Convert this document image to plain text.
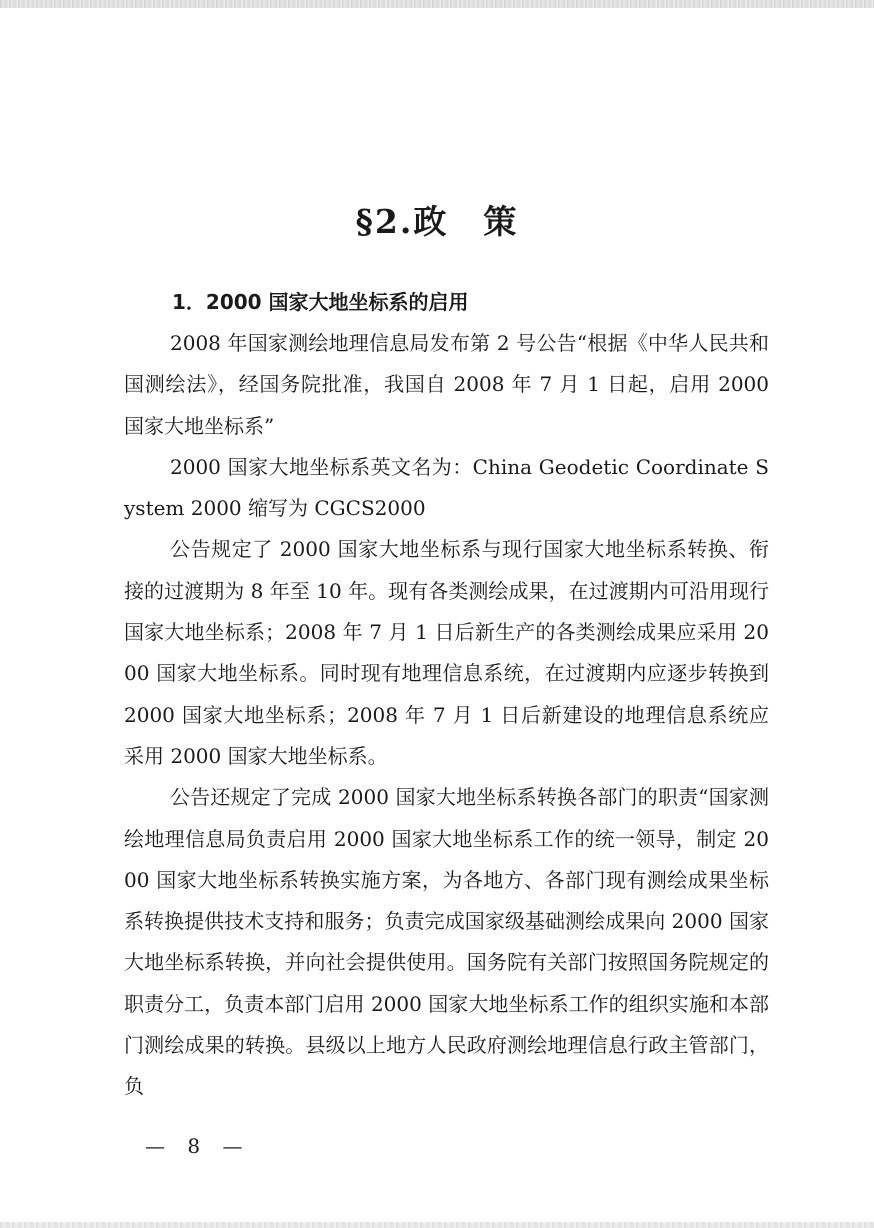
§2.政　策

1．2000 国家大地坐标系的启用

2008 年国家测绘地理信息局发布第 2 号公告“根据《中华人民共和国测绘法》，经国务院批准，我国自 2008 年 7 月 1 日起，启用 2000 国家大地坐标系”

2000 国家大地坐标系英文名为：China Geodetic Coordinate System 2000 缩写为 CGCS2000

公告规定了 2000 国家大地坐标系与现行国家大地坐标系转换、衔接的过渡期为 8 年至 10 年。现有各类测绘成果，在过渡期内可沿用现行国家大地坐标系；2008 年 7 月 1 日后新生产的各类测绘成果应采用 2000 国家大地坐标系。同时现有地理信息系统，在过渡期内应逐步转换到 2000 国家大地坐标系；2008 年 7 月 1 日后新建设的地理信息系统应采用 2000 国家大地坐标系。

公告还规定了完成 2000 国家大地坐标系转换各部门的职责“国家测绘地理信息局负责启用 2000 国家大地坐标系工作的统一领导，制定 2000 国家大地坐标系转换实施方案，为各地方、各部门现有测绘成果坐标系转换提供技术支持和服务；负责完成国家级基础测绘成果向 2000 国家大地坐标系转换，并向社会提供使用。国务院有关部门按照国务院规定的职责分工，负责本部门启用 2000 国家大地坐标系工作的组织实施和本部门测绘成果的转换。县级以上地方人民政府测绘地理信息行政主管部门，负

— 8 —
